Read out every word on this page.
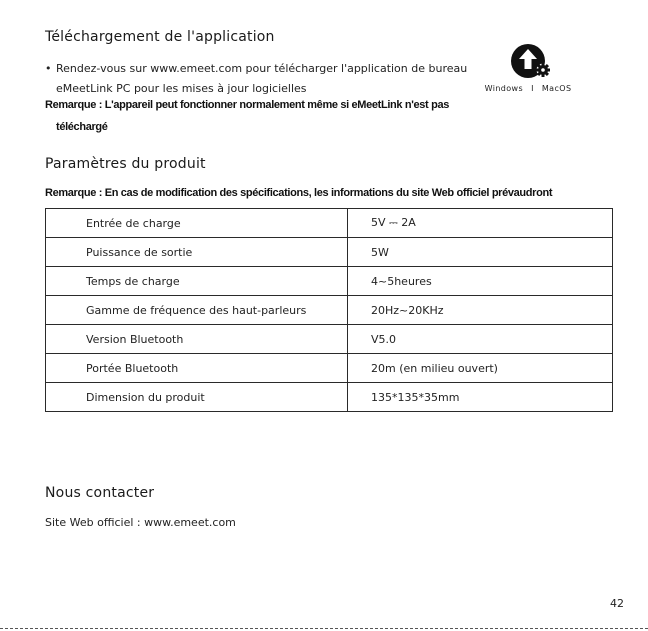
Téléchargement de l'application
• Rendez-vous sur www.emeet.com pour télécharger l'application de bureau
eMeetLink PC pour les mises à jour logicielles
Remarque : L'appareil peut fonctionner normalement même si eMeetLink n'est pas
téléchargé
Windows I MacOS
Paramètres du produit
Remarque : En cas de modification des spécifications, les informations du site Web officiel prévaudront
Entrée de charge	5V ⎓ 2A
Puissance de sortie	5W
Temps de charge	4~5heures
Gamme de fréquence des haut-parleurs	20Hz~20KHz
Version Bluetooth	V5.0
Portée Bluetooth	20m (en milieu ouvert)
Dimension du produit	135*135*35mm
Nous contacter
Site Web officiel : www.emeet.com
42
